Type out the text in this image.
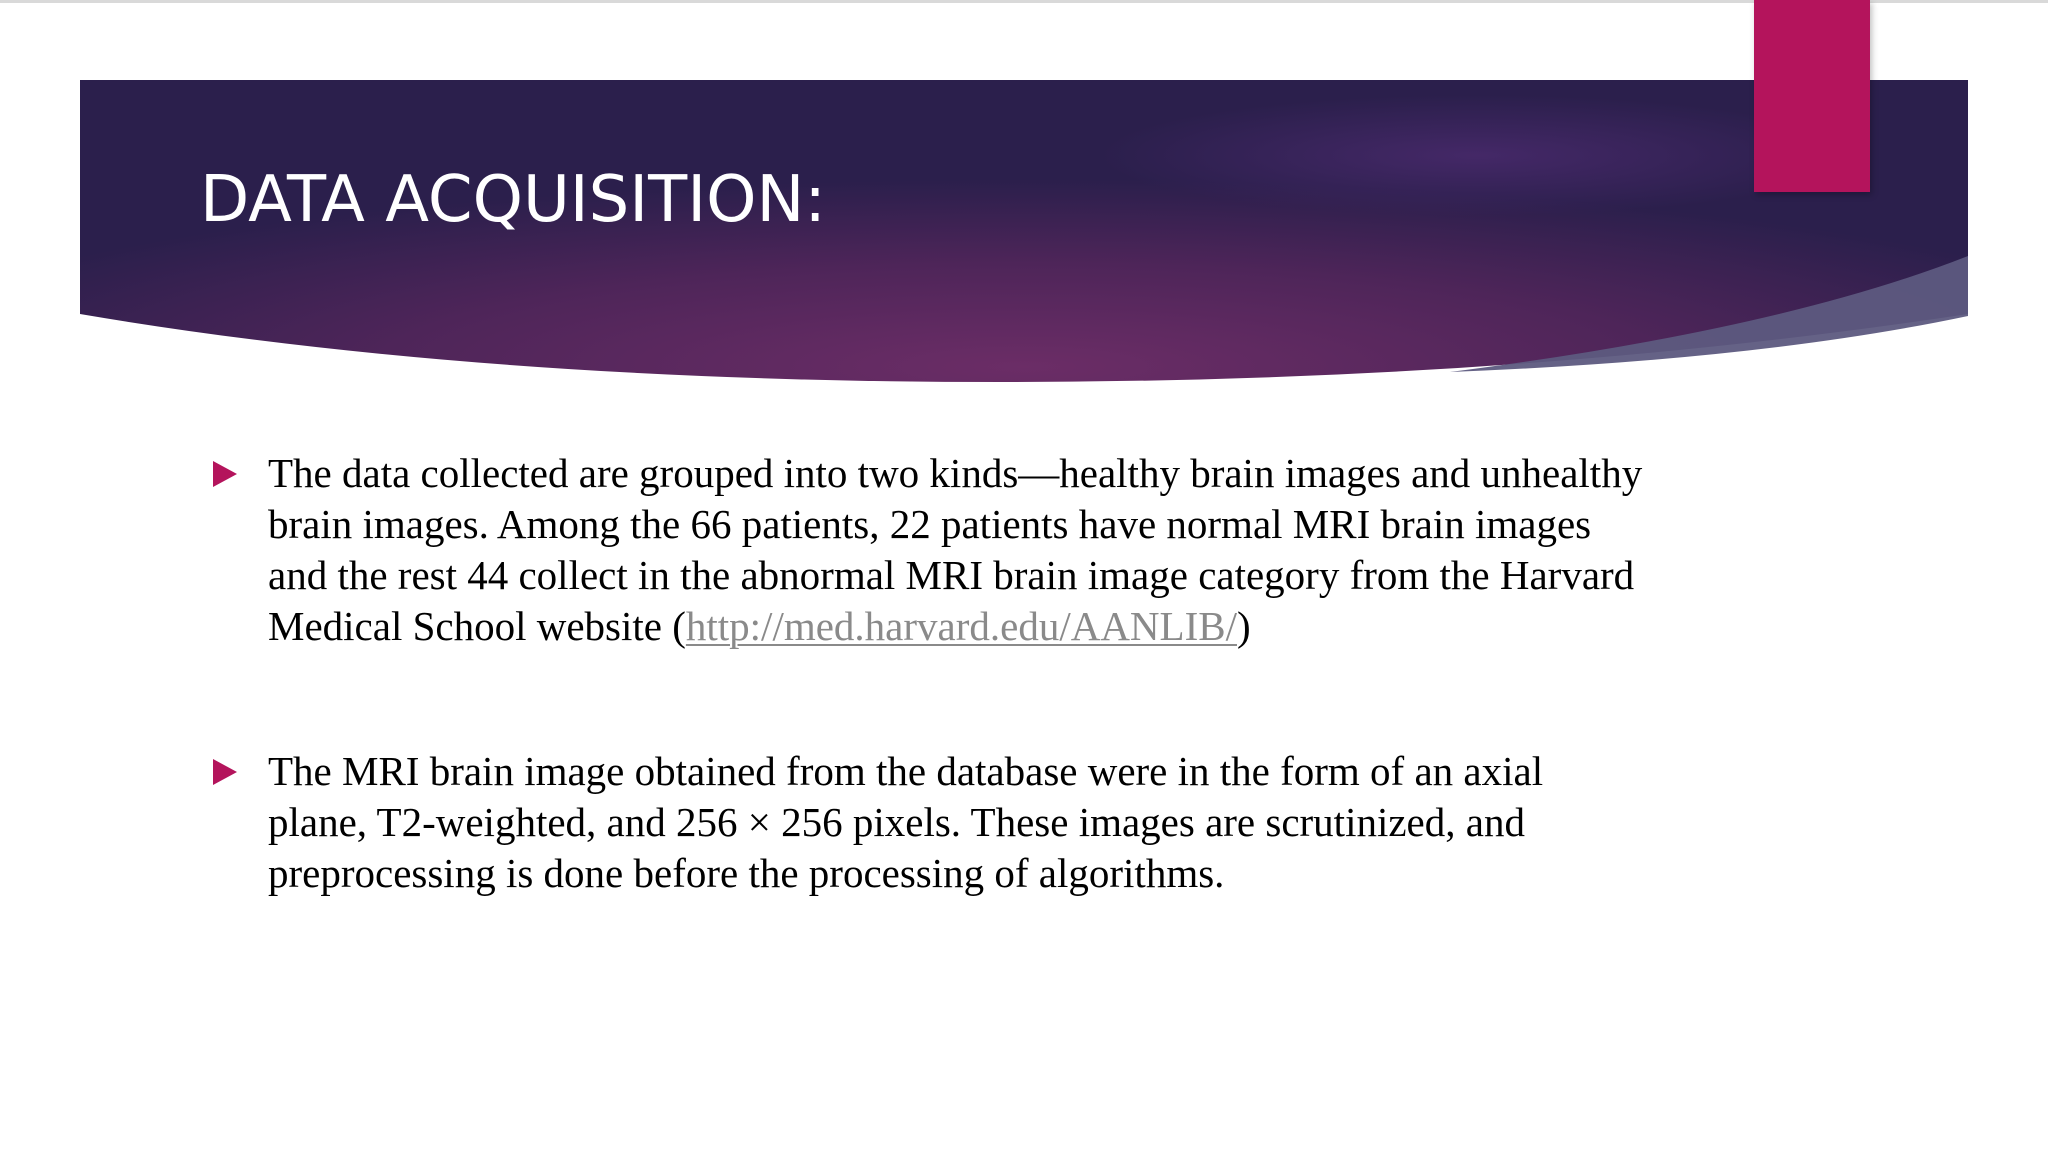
DATA ACQUISITION:
The data collected are grouped into two kinds—healthy brain images and unhealthy brain images. Among the 66 patients, 22 patients have normal MRI brain images and the rest 44 collect in the abnormal MRI brain image category from the Harvard Medical School website (http://med.harvard.edu/AANLIB/)
The MRI brain image obtained from the database were in the form of an axial plane, T2-weighted, and 256 × 256 pixels. These images are scrutinized, and preprocessing is done before the processing of algorithms.
